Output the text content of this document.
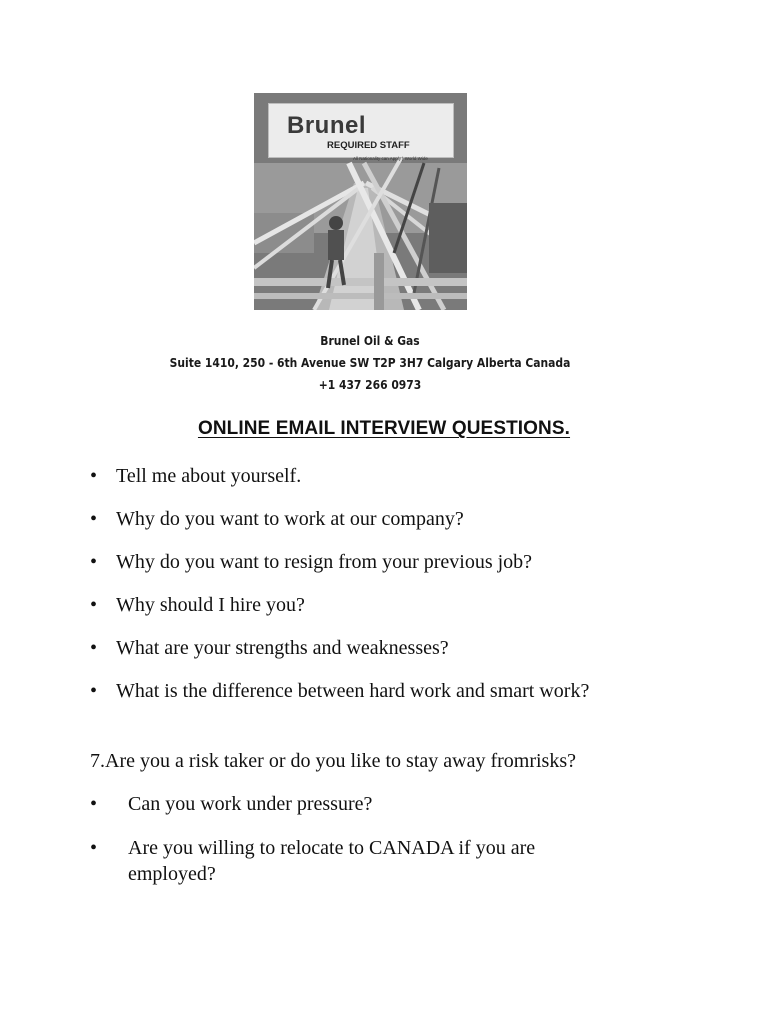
Brunel
REQUIRED STAFF
All Nationality can Apply | World Wide
Brunel Oil & Gas
Suite 1410, 250 - 6th Avenue SW T2P 3H7 Calgary Alberta Canada
+1 437 266 0973
ONLINE EMAIL INTERVIEW QUESTIONS.
• Tell me about yourself.
• Why do you want to work at our company?
• Why do you want to resign from your previous job?
• Why should I hire you?
• What are your strengths and weaknesses?
• What is the difference between hard work and smart work?
7.Are you a risk taker or do you like to stay away fromrisks?
• Can you work under pressure?
• Are you willing to relocate to CANADA if you are employed?
